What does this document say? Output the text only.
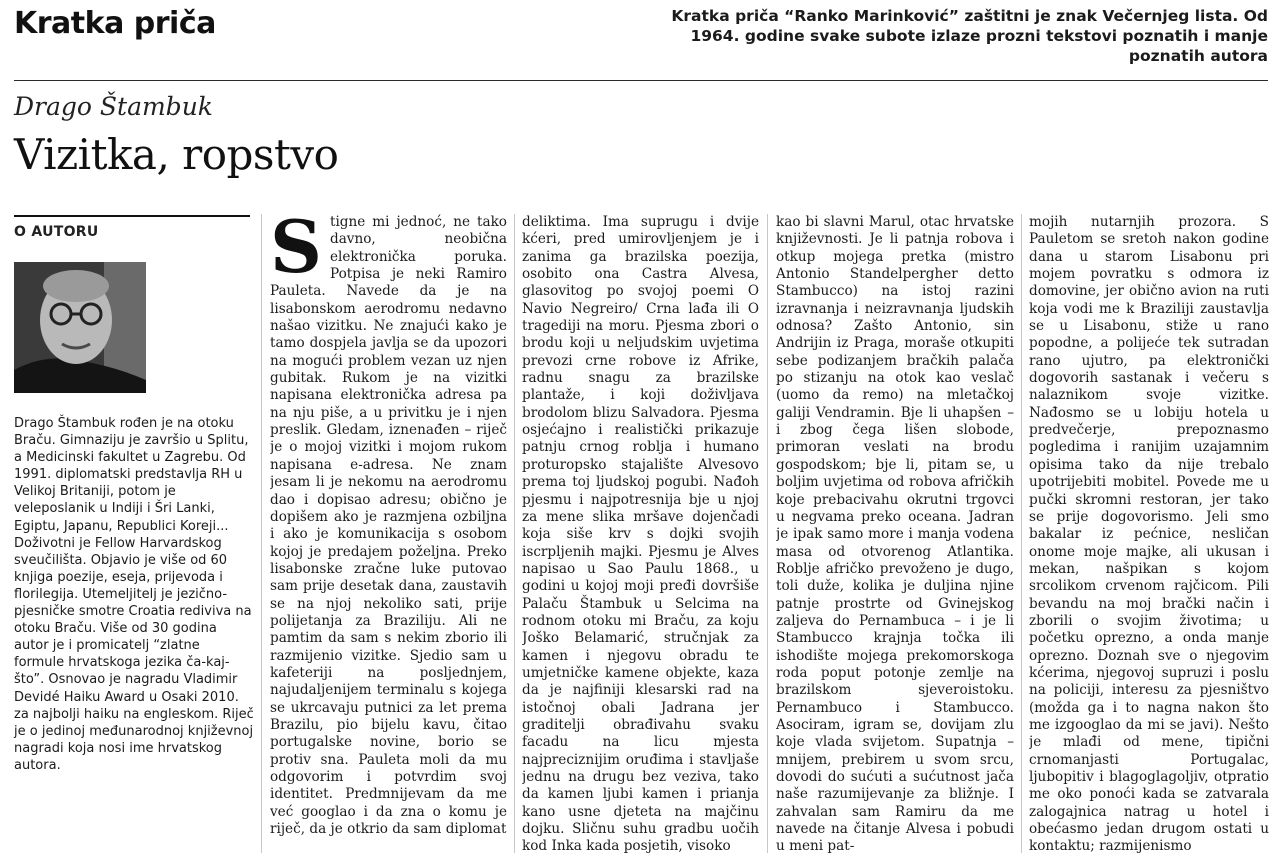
Kratka priča	Kratka priča “Ranko Marinković” zaštitni je znak Večernjeg lista. Od 1964. godine svake subote izlaze prozni tekstovi poznatih i manje poznatih autora
Drago Štambuk
Vizitka, ropstvo
O AUTORU

Drago Štambuk rođen je na otoku Braču. Gimnaziju je završio u Splitu, a Medicinski fakultet u Zagrebu. Od 1991. diplomatski predstavlja RH u Velikoj Britaniji, potom je veleposlanik u Indiji i Šri Lanki, Egiptu, Japanu, Republici Koreji... Doživotni je Fellow Harvardskog sveučilišta. Objavio je više od 60 knjiga poezije, eseja, prijevoda i florilegija. Utemeljitelj je jezično-pjesničke smotre Croatia rediviva na otoku Braču. Više od 30 godina autor je i promicatelj “zlatne formule hrvatskoga jezika ča-kaj-što”. Osnovao je nagradu Vladimir Devidé Haiku Award u Osaki 2010. za najbolji haiku na engleskom. Riječ je o jedinoj međunarodnoj književnoj nagradi koja nosi ime hrvatskog autora.

S tigne mi jednoć, ne tako davno, neobična elektronička poruka. Potpisa je neki Ramiro Pauleta. Navede da je na lisabonskom aerodromu nedavno našao vizitku. Ne znajući kako je tamo dospjela javlja se da upozori na mogući problem vezan uz njen gubitak. Rukom je na vizitki napisana elektronička adresa pa na nju piše, a u privitku je i njen preslik. Gledam, iznenađen – riječ je o mojoj vizitki i mojom rukom napisana e-adresa. Ne znam jesam li je nekomu na aerodromu dao i dopisao adresu; obično je dopišem ako je razmjena ozbiljna i ako je komunikacija s osobom kojoj je predajem poželjna. Preko lisabonske zračne luke putovao sam prije desetak dana, zaustavih se na njoj nekoliko sati, prije polijetanja za Braziliju. Ali ne pamtim da sam s nekim zborio ili razmijenio vizitke. Sjedio sam u kafeteriji na posljednjem, najudaljenijem terminalu s kojega se ukrcavaju putnici za let prema Brazilu, pio bijelu kavu, čitao portugalske novine, borio se protiv sna. Pauleta moli da mu odgovorim i potvrdim svoj identitet. Predmnijevam da me već googlao i da zna o komu je riječ, da je otkrio da sam diplomat

deliktima. Ima suprugu i dvije kćeri, pred umirovljenjem je i zanima ga brazilska poezija, osobito ona Castra Alvesa, glasovitog po svojoj poemi O Navio Negreiro/ Crna lađa ili O tragediji na moru. Pjesma zbori o brodu koji u neljudskim uvjetima prevozi crne robove iz Afrike, radnu snagu za brazilske plantaže, i koji doživljava brodolom blizu Salvadora. Pjesma osjećajno i realistički prikazuje patnju crnog roblja i humano proturopsko stajalište Alvesovo prema toj ljudskoj pogubi. Nađoh pjesmu i najpotresnija bje u njoj za mene slika mršave dojenčadi koja siše krv s dojki svojih iscrpljenih majki. Pjesmu je Alves napisao u Sao Paulu 1868., u godini u kojoj moji pređi dovršiše Palaču Štambuk u Selcima na rodnom otoku mi Braču, za koju Joško Belamarić, stručnjak za kamen i njegovu obradu te umjetničke kamene objekte, kaza da je najfiniji klesarski rad na istočnoj obali Jadrana jer graditelji obrađivahu svaku facadu na licu mjesta najpreciznijim oruđima i stavljaše jednu na drugu bez veziva, tako da kamen ljubi kamen i prianja kano usne djeteta na majčinu dojku. Sličnu suhu gradbu uočih kod Inka kada posjetih, visoko

kao bi slavni Marul, otac hrvatske književnosti. Je li patnja robova i otkup mojega pretka (mistro Antonio Standelpergher detto Stambucco) na istoj razini izravnanja i neizravnanja ljudskih odnosa? Zašto Antonio, sin Andrijin iz Praga, moraše otkupiti sebe podizanjem bračkih palača po stizanju na otok kao veslač (uomo da remo) na mletačkoj galiji Vendramin. Bje li uhapšen – i zbog čega lišen slobode, primoran veslati na brodu gospodskom; bje li, pitam se, u boljim uvjetima od robova afričkih koje prebacivahu okrutni trgovci u negvama preko oceana. Jadran je ipak samo more i manja vodena masa od otvorenog Atlantika. Roblje afričko prevoženo je dugo, toli duže, kolika je duljina njine patnje prostrte od Gvinejskog zaljeva do Pernambuca – i je li Stambucco krajnja točka ili ishodište mojega prekomorskoga roda poput potonje zemlje na brazilskom sjeveroistoku. Pernambuco i Stambucco. Asociram, igram se, dovijam zlu koje vlada svijetom. Supatnja – mnijem, prebirem u svom srcu, dovodi do sućuti a sućutnost jača naše razumijevanje za bližnje. I zahvalan sam Ramiru da me navede na čitanje Alvesa i pobudi u meni pat-

mojih nutarnjih prozora. S Pauletom se sretoh nakon godine dana u starom Lisabonu pri mojem povratku s odmora iz domovine, jer obično avion na ruti koja vodi me k Braziliji zaustavlja se u Lisabonu, stiže u rano popodne, a polijeće tek sutradan rano ujutro, pa elektronički dogovorih sastanak i večeru s nalaznikom svoje vizitke. Nađosmo se u lobiju hotela u predvečerje, prepoznasmo pogledima i ranijim uzajamnim opisima tako da nije trebalo upotrijebiti mobitel. Povede me u pučki skromni restoran, jer tako se prije dogovorismo. Jeli smo bakalar iz pećnice, nesličan onome moje majke, ali ukusan i mekan, našpikan s kojom srcolikom crvenom rajčicom. Pili bevandu na moj brački način i zborili o svojim životima; u početku oprezno, a onda manje oprezno. Doznah sve o njegovim kćerima, njegovoj supruzi i poslu na policiji, interesu za pjesništvo (možda ga i to nagna nakon što me izgooglao da mi se javi). Nešto je mlađi od mene, tipični crnomanjasti Portugalac, ljubopitiv i blagoglagoljiv, otpratio me oko ponoći kada se zatvarala zalogajnica natrag u hotel i obećasmo jedan drugom ostati u kontaktu; razmijenismo
